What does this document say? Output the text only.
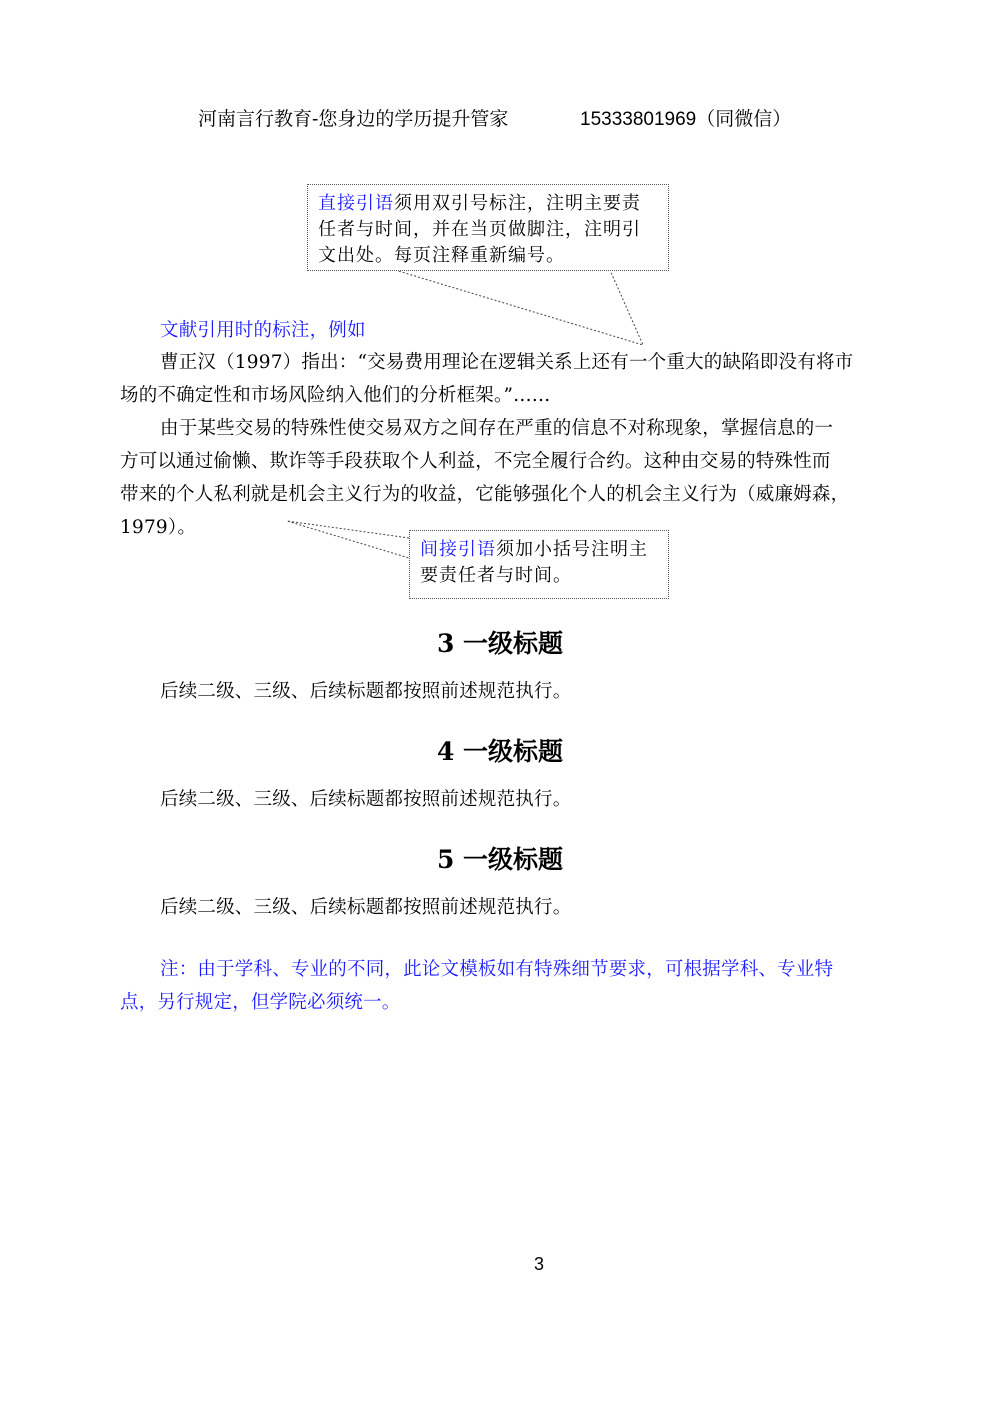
河南言行教育-您身边的学历提升管家	15333801969（同微信）
直接引语须用双引号标注，注明主要责任者与时间，并在当页做脚注，注明引文出处。每页注释重新编号。
文献引用时的标注，例如
曹正汉（1997）指出：“交易费用理论在逻辑关系上还有一个重大的缺陷即没有将市
场的不确定性和市场风险纳入他们的分析框架。”……
由于某些交易的特殊性使交易双方之间存在严重的信息不对称现象，掌握信息的一
方可以通过偷懒、欺诈等手段获取个人利益，不完全履行合约。这种由交易的特殊性而
带来的个人私利就是机会主义行为的收益，它能够强化个人的机会主义行为（威廉姆森，
1979）。
间接引语须加小括号注明主要责任者与时间。
3 一级标题
后续二级、三级、后续标题都按照前述规范执行。
4 一级标题
后续二级、三级、后续标题都按照前述规范执行。
5 一级标题
后续二级、三级、后续标题都按照前述规范执行。
注：由于学科、专业的不同，此论文模板如有特殊细节要求，可根据学科、专业特
点，另行规定，但学院必须统一。
3
